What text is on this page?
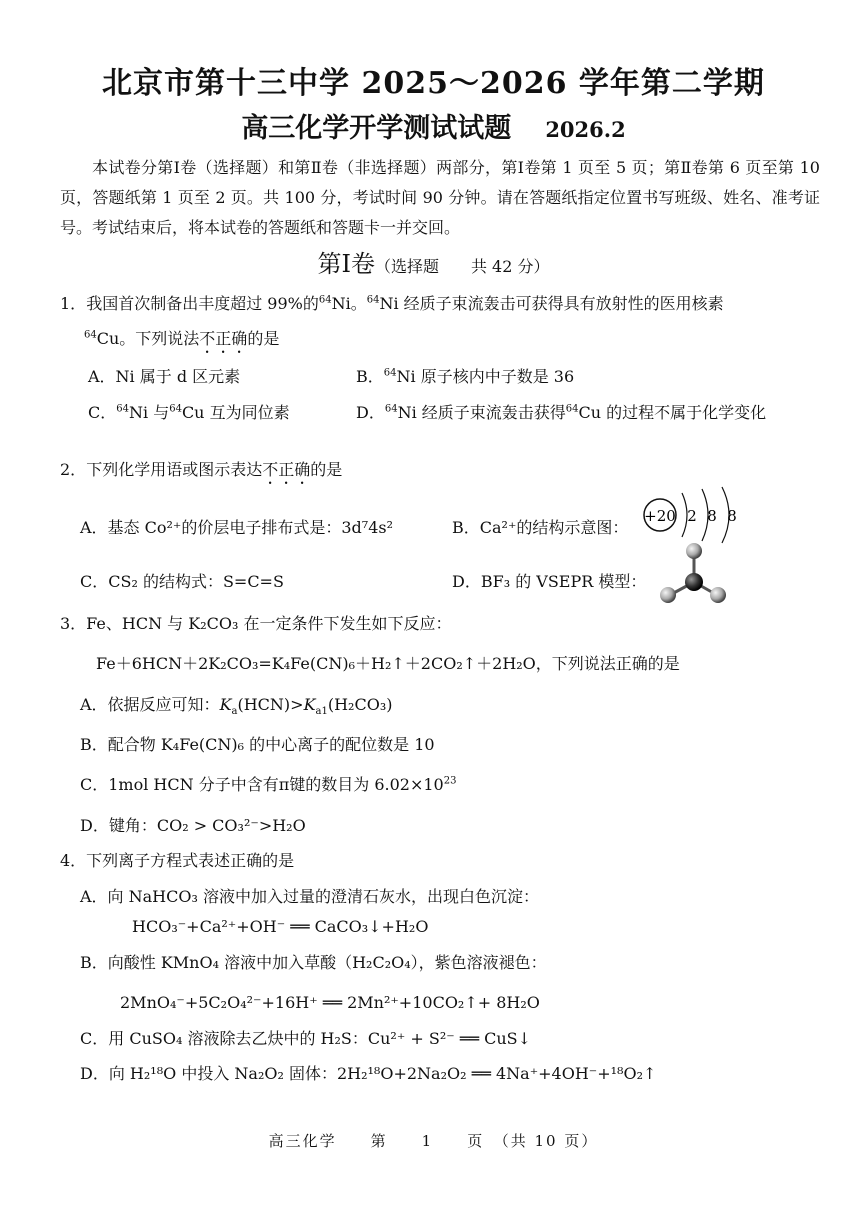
北京市第十三中学 2025～2026 学年第二学期
高三化学开学测试试题 2026.2
本试卷分第Ⅰ卷（选择题）和第Ⅱ卷（非选择题）两部分，第Ⅰ卷第 1 页至 5 页；第Ⅱ卷第 6 页至第 10 页，答题纸第 1 页至 2 页。共 100 分，考试时间 90 分钟。请在答题纸指定位置书写班级、姓名、准考证号。考试结束后，将本试卷的答题纸和答题卡一并交回。
第Ⅰ卷（选择题　　共 42 分）
1．我国首次制备出丰度超过 99%的$^{64}$Ni。$^{64}$Ni 经质子束流轰击可获得具有放射性的医用核素
$^{64}$Cu。下列说法不正确的是
A．Ni 属于 d 区元素	B．$^{64}$Ni 原子核内中子数是 36
C．$^{64}$Ni 与$^{64}$Cu 互为同位素	D．$^{64}$Ni 经质子束流轰击获得$^{64}$Cu 的过程不属于化学变化
2．下列化学用语或图示表达不正确的是
A．基态 Co²⁺的价层电子排布式是：3d⁷4s²	B．Ca²⁺的结构示意图：
+20 2 8 8
C．CS₂ 的结构式：S=C=S	D．BF₃ 的 VSEPR 模型：
3．Fe、HCN 与 K₂CO₃ 在一定条件下发生如下反应：
Fe＋6HCN＋2K₂CO₃=K₄Fe(CN)₆＋H₂↑＋2CO₂↑＋2H₂O，下列说法正确的是
A．依据反应可知：$K_a(HCN)>K_{a1}(H_2CO_3)$
B．配合物 K₄Fe(CN)₆ 的中心离子的配位数是 10
C．1mol HCN 分子中含有π键的数目为 $6.02\times 10^{23}$
D．键角：CO₂ > CO₃²⁻>H₂O
4．下列离子方程式表述正确的是
A．向 NaHCO₃ 溶液中加入过量的澄清石灰水，出现白色沉淀：
HCO₃⁻+Ca²⁺+OH⁻ ══ CaCO₃↓+H₂O
B．向酸性 KMnO₄ 溶液中加入草酸（H₂C₂O₄），紫色溶液褪色：
2MnO₄⁻+5C₂O₄²⁻+16H⁺ ══ 2Mn²⁺+10CO₂↑+ 8H₂O
C．用 CuSO₄ 溶液除去乙炔中的 H₂S：Cu²⁺ + S²⁻ ══ CuS↓
D．向 H₂¹⁸O 中投入 Na₂O₂ 固体：2H₂¹⁸O+2Na₂O₂ ══ 4Na⁺+4OH⁻+¹⁸O₂↑
高三化学　　第　　1　　页　（共 10 页）
